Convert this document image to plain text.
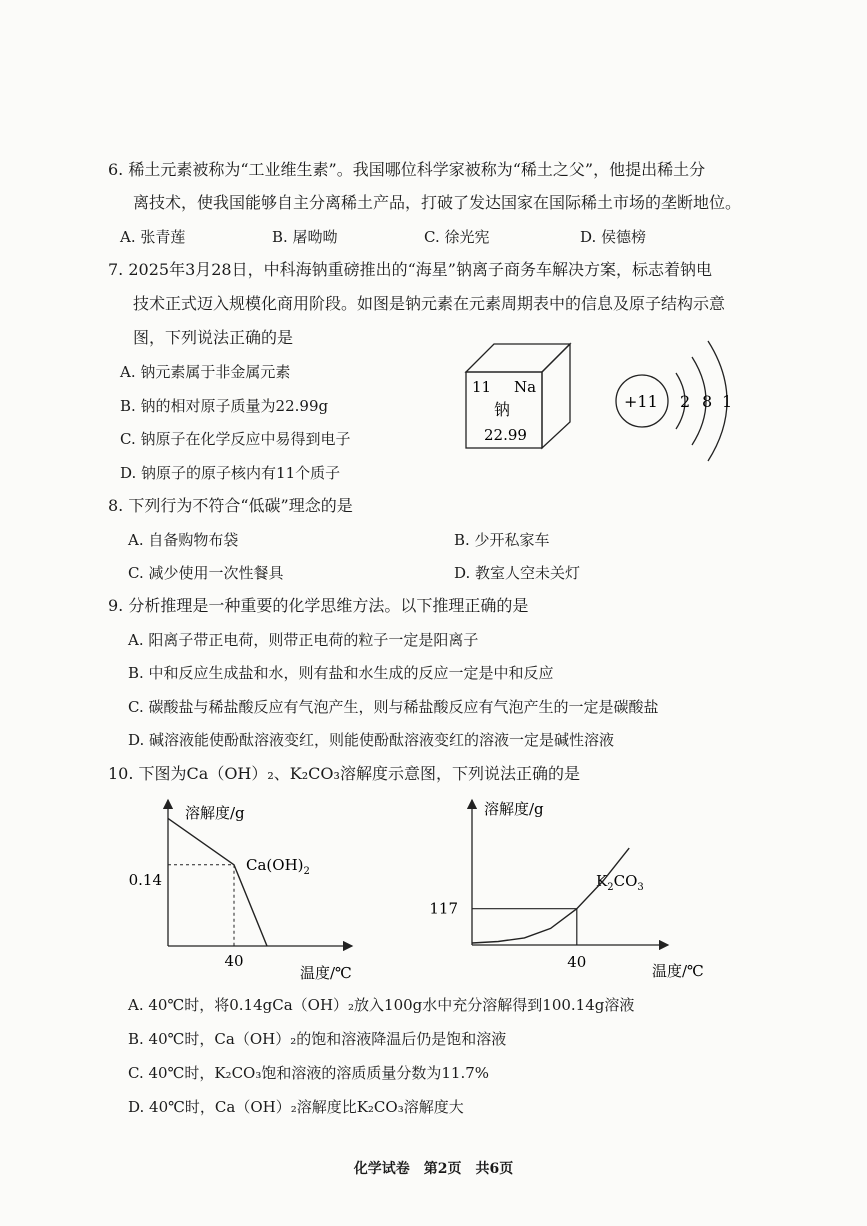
6. 稀土元素被称为“工业维生素”。我国哪位科学家被称为“稀土之父”，他提出稀土分
离技术，使我国能够自主分离稀土产品，打破了发达国家在国际稀土市场的垄断地位。
A. 张青莲	B. 屠呦呦	C. 徐光宪	D. 侯德榜
7. 2025年3月28日，中科海钠重磅推出的“海星”钠离子商务车解决方案，标志着钠电
技术正式迈入规模化商用阶段。如图是钠元素在元素周期表中的信息及原子结构示意
图，下列说法正确的是
A. 钠元素属于非金属元素
B. 钠的相对原子质量为22.99g
C. 钠原子在化学反应中易得到电子
D. 钠原子的原子核内有11个质子
11 Na
钠
22.99
+11 2 8 1
8. 下列行为不符合“低碳”理念的是
A. 自备购物布袋	B. 少开私家车
C. 减少使用一次性餐具	D. 教室人空未关灯
9. 分析推理是一种重要的化学思维方法。以下推理正确的是
A. 阳离子带正电荷，则带正电荷的粒子一定是阳离子
B. 中和反应生成盐和水，则有盐和水生成的反应一定是中和反应
C. 碳酸盐与稀盐酸反应有气泡产生，则与稀盐酸反应有气泡产生的一定是碳酸盐
D. 碱溶液能使酚酞溶液变红，则能使酚酞溶液变红的溶液一定是碱性溶液
10. 下图为Ca（OH）₂、K₂CO₃溶解度示意图，下列说法正确的是
溶解度/g
温度/℃
$Ca(OH)_2$
40
0.14
溶解度/g
温度/℃
$K_2CO_3$
40
117
A. 40℃时，将0.14gCa（OH）₂放入100g水中充分溶解得到100.14g溶液
B. 40℃时，Ca（OH）₂的饱和溶液降温后仍是饱和溶液
C. 40℃时，K₂CO₃饱和溶液的溶质质量分数为11.7%
D. 40℃时，Ca（OH）₂溶解度比K₂CO₃溶解度大
化学试卷　第2页　共6页
